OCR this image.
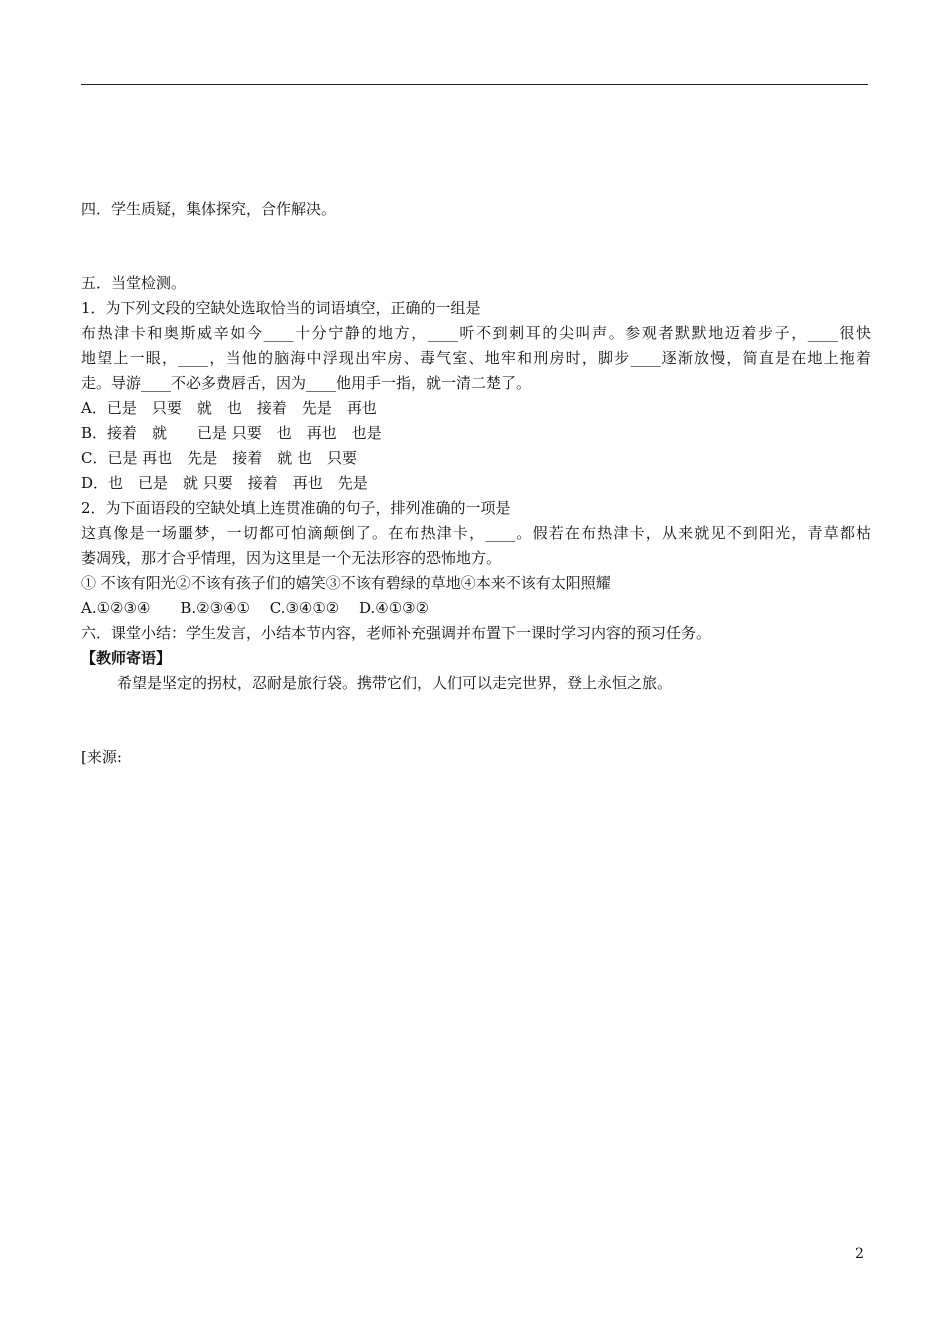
四．学生质疑，集体探究，合作解决。
五．当堂检测。
1．为下列文段的空缺处选取恰当的词语填空，正确的一组是
布热津卡和奥斯威辛如今____十分宁静的地方，____听不到刺耳的尖叫声。参观者默默地迈着步子，____很快
地望上一眼，____，当他的脑海中浮现出牢房、毒气室、地牢和刑房时，脚步____逐渐放慢，简直是在地上拖着
走。导游____不必多费唇舌，因为____他用手一指，就一清二楚了。
A．已是　只要　就　也　接着　先是　再也
B．接着　就　　已是 只要　也　再也　也是
C．已是 再也　先是　接着　就 也　只要
D．也　已是　就 只要　接着　再也　先是
2．为下面语段的空缺处填上连贯准确的句子，排列准确的一项是
这真像是一场噩梦，一切都可怕滴颠倒了。在布热津卡，____。假若在布热津卡，从来就见不到阳光，青草都枯
萎凋残，那才合乎情理，因为这里是一个无法形容的恐怖地方。
① 不该有阳光②不该有孩子们的嬉笑③不该有碧绿的草地④本来不该有太阳照耀
A.①②③④　　B.②③④①　 C.③④①②　 D.④①③②
六．课堂小结：学生发言，小结本节内容，老师补充强调并布置下一课时学习内容的预习任务。
【教师寄语】
希望是坚定的拐杖，忍耐是旅行袋。携带它们，人们可以走完世界，登上永恒之旅。
[来源:
2
